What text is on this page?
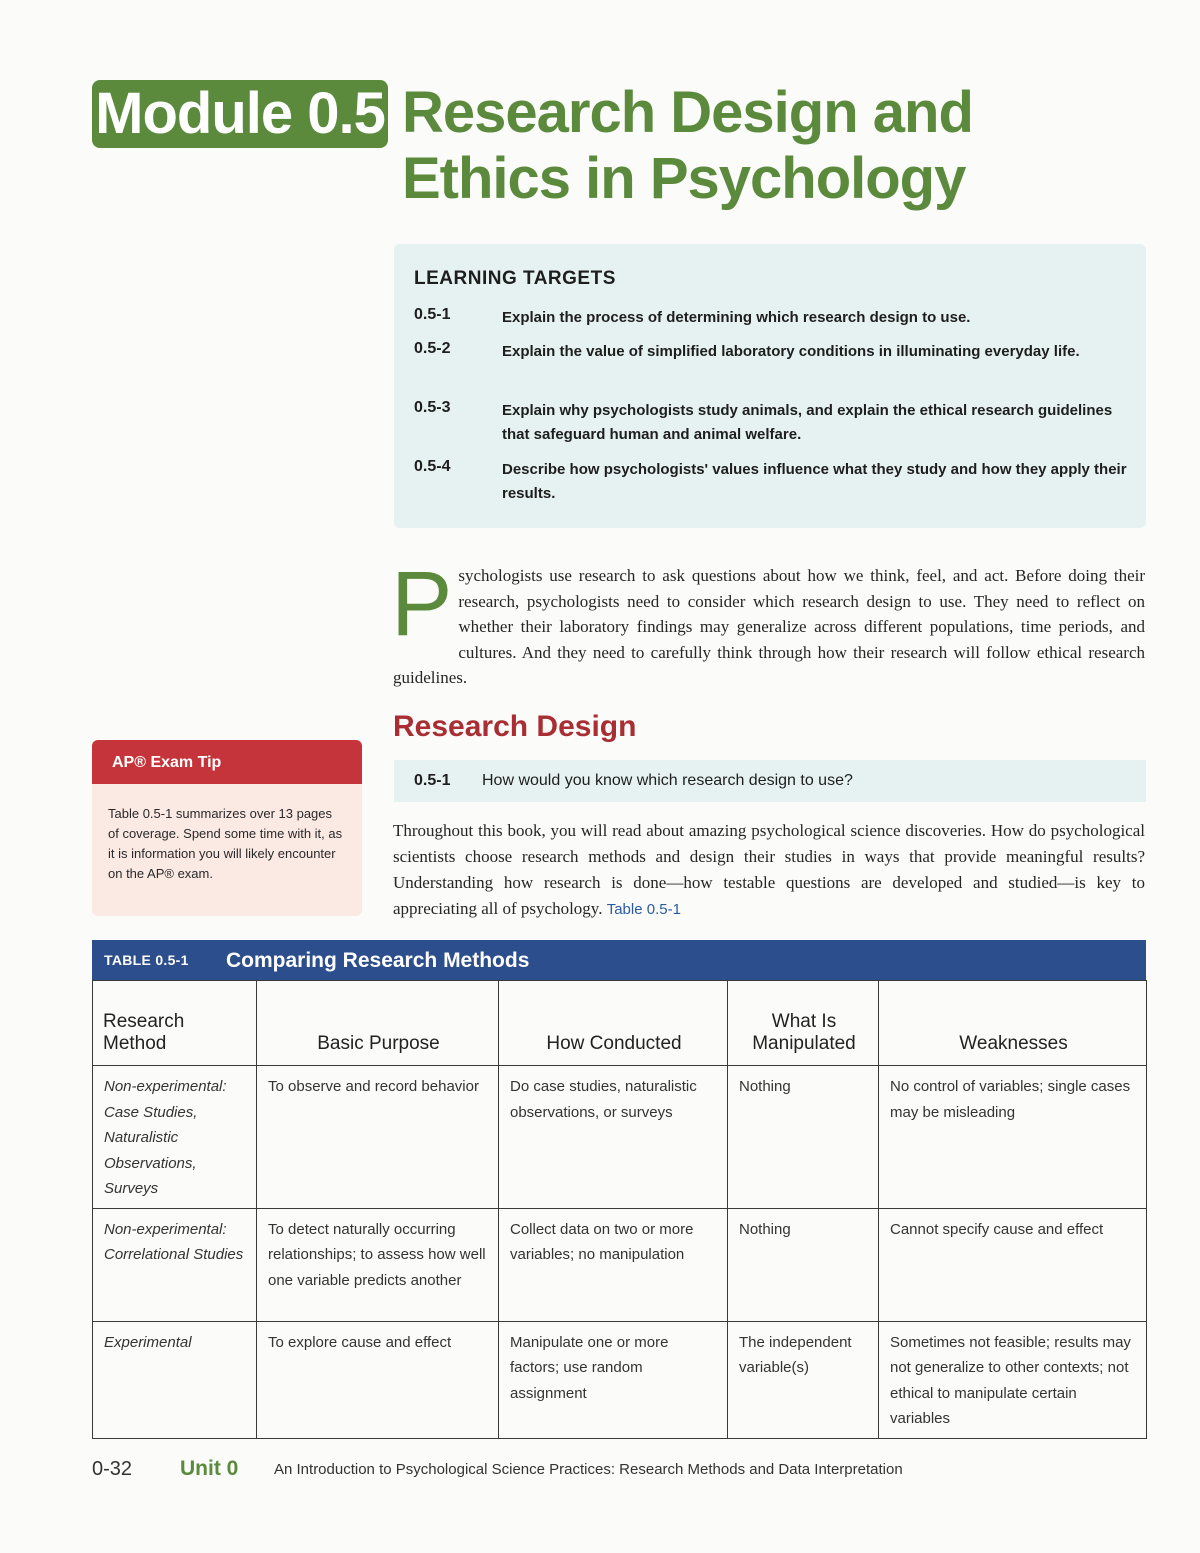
Module 0.5 Research Design and
Ethics in Psychology
LEARNING TARGETS
0.5-1	Explain the process of determining which research design to use.
0.5-2	Explain the value of simplified laboratory conditions in illuminating everyday life.
0.5-3	Explain why psychologists study animals, and explain the ethical research guidelines that safeguard human and animal welfare.
0.5-4	Describe how psychologists' values influence what they study and how they apply their results.
Psychologists use research to ask questions about how we think, feel, and act. Before doing their research, psychologists need to consider which research design to use. They need to reflect on whether their laboratory findings may generalize across different populations, time periods, and cultures. And they need to carefully think through how their research will follow ethical research guidelines.
Research Design
0.5-1 How would you know which research design to use?
AP® Exam Tip
Table 0.5-1 summarizes over 13 pages of coverage. Spend some time with it, as it is information you will likely encounter on the AP® exam.
Throughout this book, you will read about amazing psychological science discoveries. How do psychological scientists choose research methods and design their studies in ways that provide meaningful results? Understanding how research is done—how testable questions are developed and studied—is key to appreciating all of psychology. Table 0.5-1
TABLE 0.5-1 Comparing Research Methods
Research Method	Basic Purpose	How Conducted	What Is Manipulated	Weaknesses
Non-experimental: Case Studies, Naturalistic Observations, Surveys	To observe and record behavior	Do case studies, naturalistic observations, or surveys	Nothing	No control of variables; single cases may be misleading
Non-experimental: Correlational Studies	To detect naturally occurring relationships; to assess how well one variable predicts another	Collect data on two or more variables; no manipulation	Nothing	Cannot specify cause and effect
Experimental	To explore cause and effect	Manipulate one or more factors; use random assignment	The independent variable(s)	Sometimes not feasible; results may not generalize to other contexts; not ethical to manipulate certain variables
0-32 Unit 0 An Introduction to Psychological Science Practices: Research Methods and Data Interpretation
